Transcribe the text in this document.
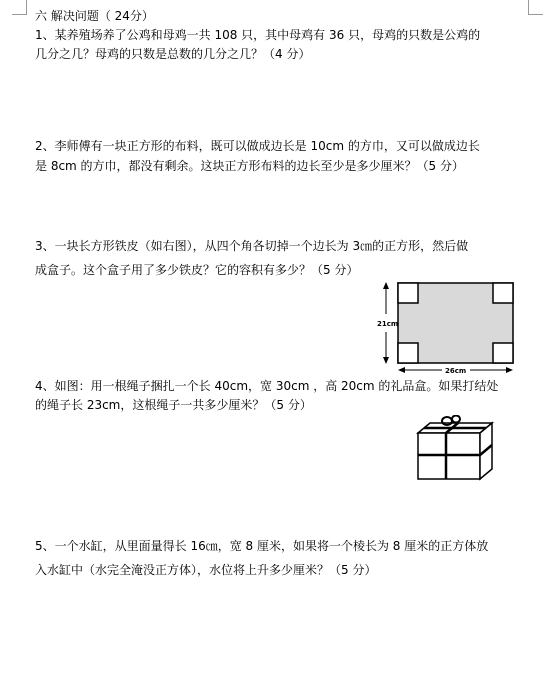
六 解决问题（ 24分）
1、某养殖场养了公鸡和母鸡一共 108 只，其中母鸡有 36 只，母鸡的只数是公鸡的
几分之几？母鸡的只数是总数的几分之几？（4 分）
2、李师傅有一块正方形的布料，既可以做成边长是 10cm 的方巾，又可以做成边长
是 8cm 的方巾，都没有剩余。这块正方形布料的边长至少是多少厘米？（5 分）
3、一块长方形铁皮（如右图），从四个角各切掉一个边长为 3㎝的正方形，然后做
成盒子。这个盒子用了多少铁皮？它的容积有多少？（5 分）
21cm
26cm
4、如图：用一根绳子捆扎一个长 40cm，宽 30cm ，高 20cm 的礼品盒。如果打结处
的绳子长 23cm，这根绳子一共多少厘米？（5 分）
5、一个水缸，从里面量得长 16㎝，宽 8 厘米，如果将一个棱长为 8 厘米的正方体放
入水缸中（水完全淹没正方体），水位将上升多少厘米？（5 分）
